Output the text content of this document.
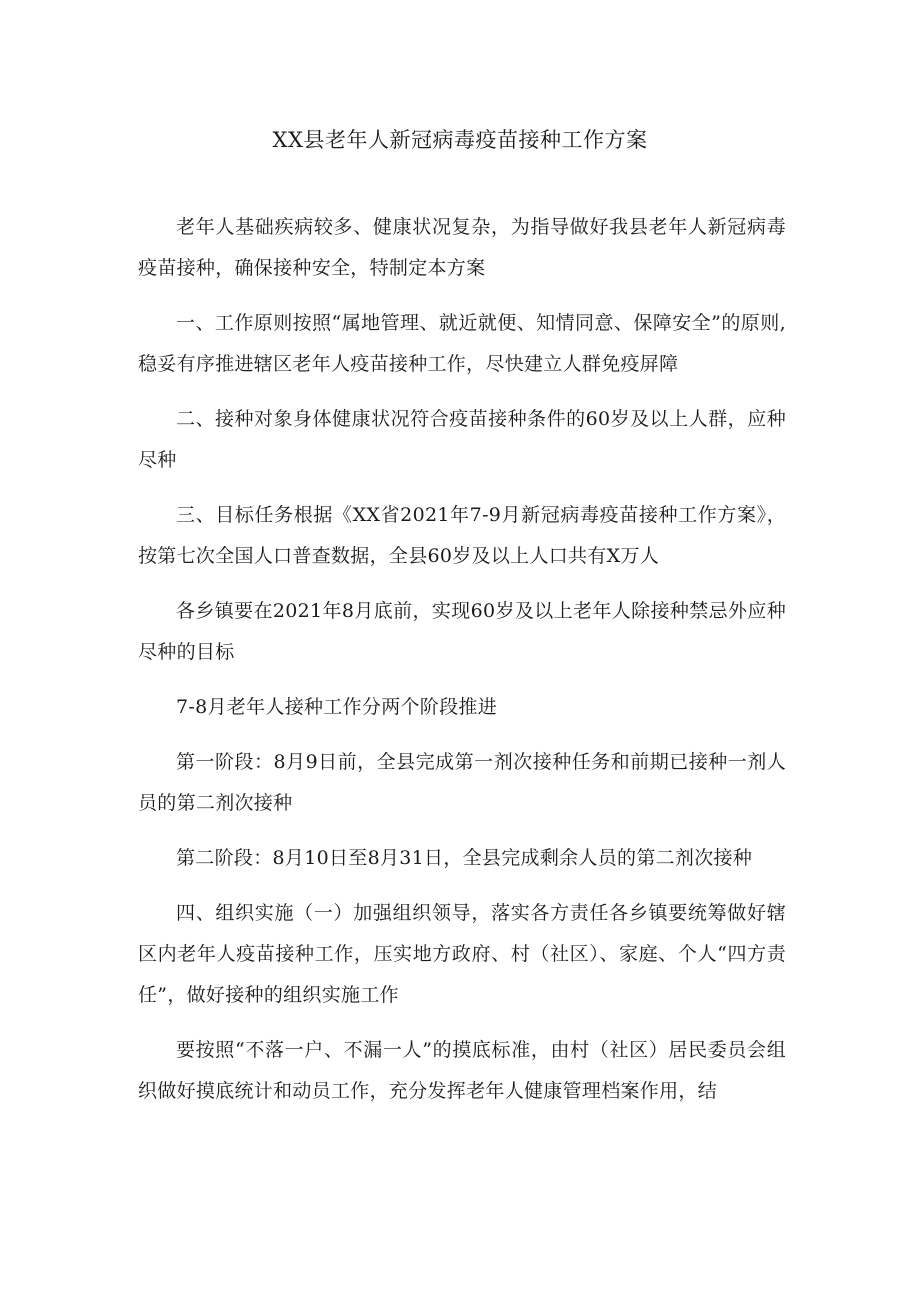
XX县老年人新冠病毒疫苗接种工作方案

老年人基础疾病较多、健康状况复杂，为指导做好我县老年人新冠病毒疫苗接种，确保接种安全，特制定本方案

一、工作原则按照“属地管理、就近就便、知情同意、保障安全”的原则,稳妥有序推进辖区老年人疫苗接种工作，尽快建立人群免疫屏障

二、接种对象身体健康状况符合疫苗接种条件的60岁及以上人群，应种尽种

三、目标任务根据《XX省2021年7-9月新冠病毒疫苗接种工作方案》，按第七次全国人口普查数据，全县60岁及以上人口共有X万人

各乡镇要在2021年8月底前，实现60岁及以上老年人除接种禁忌外应种尽种的目标

7-8月老年人接种工作分两个阶段推进

第一阶段：8月9日前，全县完成第一剂次接种任务和前期已接种一剂人员的第二剂次接种

第二阶段：8月10日至8月31日，全县完成剩余人员的第二剂次接种

四、组织实施（一）加强组织领导，落实各方责任各乡镇要统筹做好辖区内老年人疫苗接种工作，压实地方政府、村（社区）、家庭、个人“四方责任”，做好接种的组织实施工作

要按照“不落一户、不漏一人”的摸底标准，由村（社区）居民委员会组织做好摸底统计和动员工作，充分发挥老年人健康管理档案作用，结
